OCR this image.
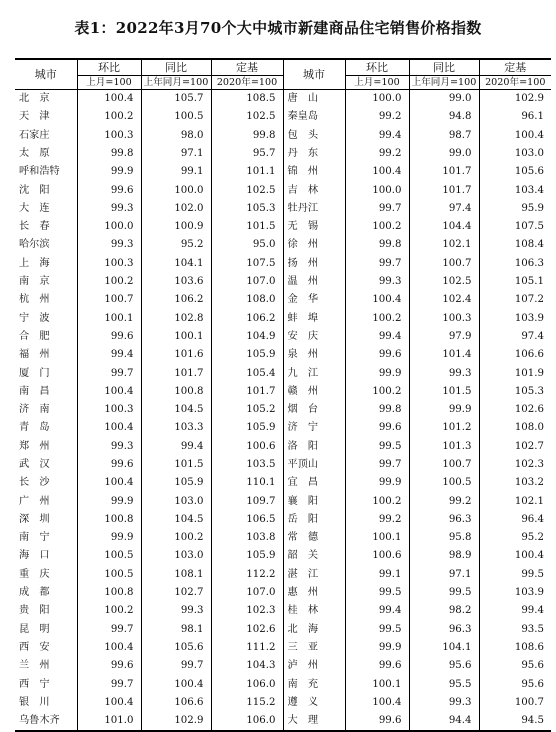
表1：2022年3月70个大中城市新建商品住宅销售价格指数
城市	环比	同比	定基	城市	环比	同比	定基
	上月=100	上年同月=100	2020年=100		上月=100	上年同月=100	2020年=100
北　京	100.4	105.7	108.5	唐　山	100.0	99.0	102.9
天　津	100.2	100.5	102.5	秦皇岛	99.2	94.8	96.1
石家庄	100.3	98.0	99.8	包　头	99.4	98.7	100.4
太　原	99.8	97.1	95.7	丹　东	99.2	99.0	103.0
呼和浩特	99.9	99.1	101.1	锦　州	100.4	101.7	105.6
沈　阳	99.6	100.0	102.5	吉　林	100.0	101.7	103.4
大　连	99.3	102.0	105.3	牡丹江	99.7	97.4	95.9
长　春	100.0	100.9	101.5	无　锡	100.2	104.4	107.5
哈尔滨	99.3	95.2	95.0	徐　州	99.8	102.1	108.4
上　海	100.3	104.1	107.5	扬　州	99.7	100.7	106.3
南　京	100.2	103.6	107.0	温　州	99.3	102.5	105.1
杭　州	100.7	106.2	108.0	金　华	100.4	102.4	107.2
宁　波	100.1	102.8	106.2	蚌　埠	100.2	100.3	103.9
合　肥	99.6	100.1	104.9	安　庆	99.4	97.9	97.4
福　州	99.4	101.6	105.9	泉　州	99.6	101.4	106.6
厦　门	99.7	101.7	105.4	九　江	99.9	99.3	101.9
南　昌	100.4	100.8	101.7	赣　州	100.2	101.5	105.3
济　南	100.3	104.5	105.2	烟　台	99.8	99.9	102.6
青　岛	100.4	103.3	105.9	济　宁	99.6	101.2	108.0
郑　州	99.3	99.4	100.6	洛　阳	99.5	101.3	102.7
武　汉	99.6	101.5	103.5	平顶山	99.7	100.7	102.3
长　沙	100.4	105.9	110.1	宜　昌	99.9	100.5	103.2
广　州	99.9	103.0	109.7	襄　阳	100.2	99.2	102.1
深　圳	100.8	104.5	106.5	岳　阳	99.2	96.3	96.4
南　宁	99.9	100.2	103.8	常　德	100.1	95.8	95.2
海　口	100.5	103.0	105.9	韶　关	100.6	98.9	100.4
重　庆	100.5	108.1	112.2	湛　江	99.1	97.1	99.5
成　都	100.8	102.7	107.0	惠　州	99.5	99.5	103.9
贵　阳	100.2	99.3	102.3	桂　林	99.4	98.2	99.4
昆　明	99.7	98.1	102.6	北　海	99.5	96.3	93.5
西　安	100.4	105.6	111.2	三　亚	99.9	104.1	108.6
兰　州	99.6	99.7	104.3	泸　州	99.6	95.6	95.6
西　宁	99.7	100.4	106.0	南　充	100.1	95.5	95.6
银　川	100.4	106.6	115.2	遵　义	100.4	99.3	100.7
乌鲁木齐	101.0	102.9	106.0	大　理	99.6	94.4	94.5
